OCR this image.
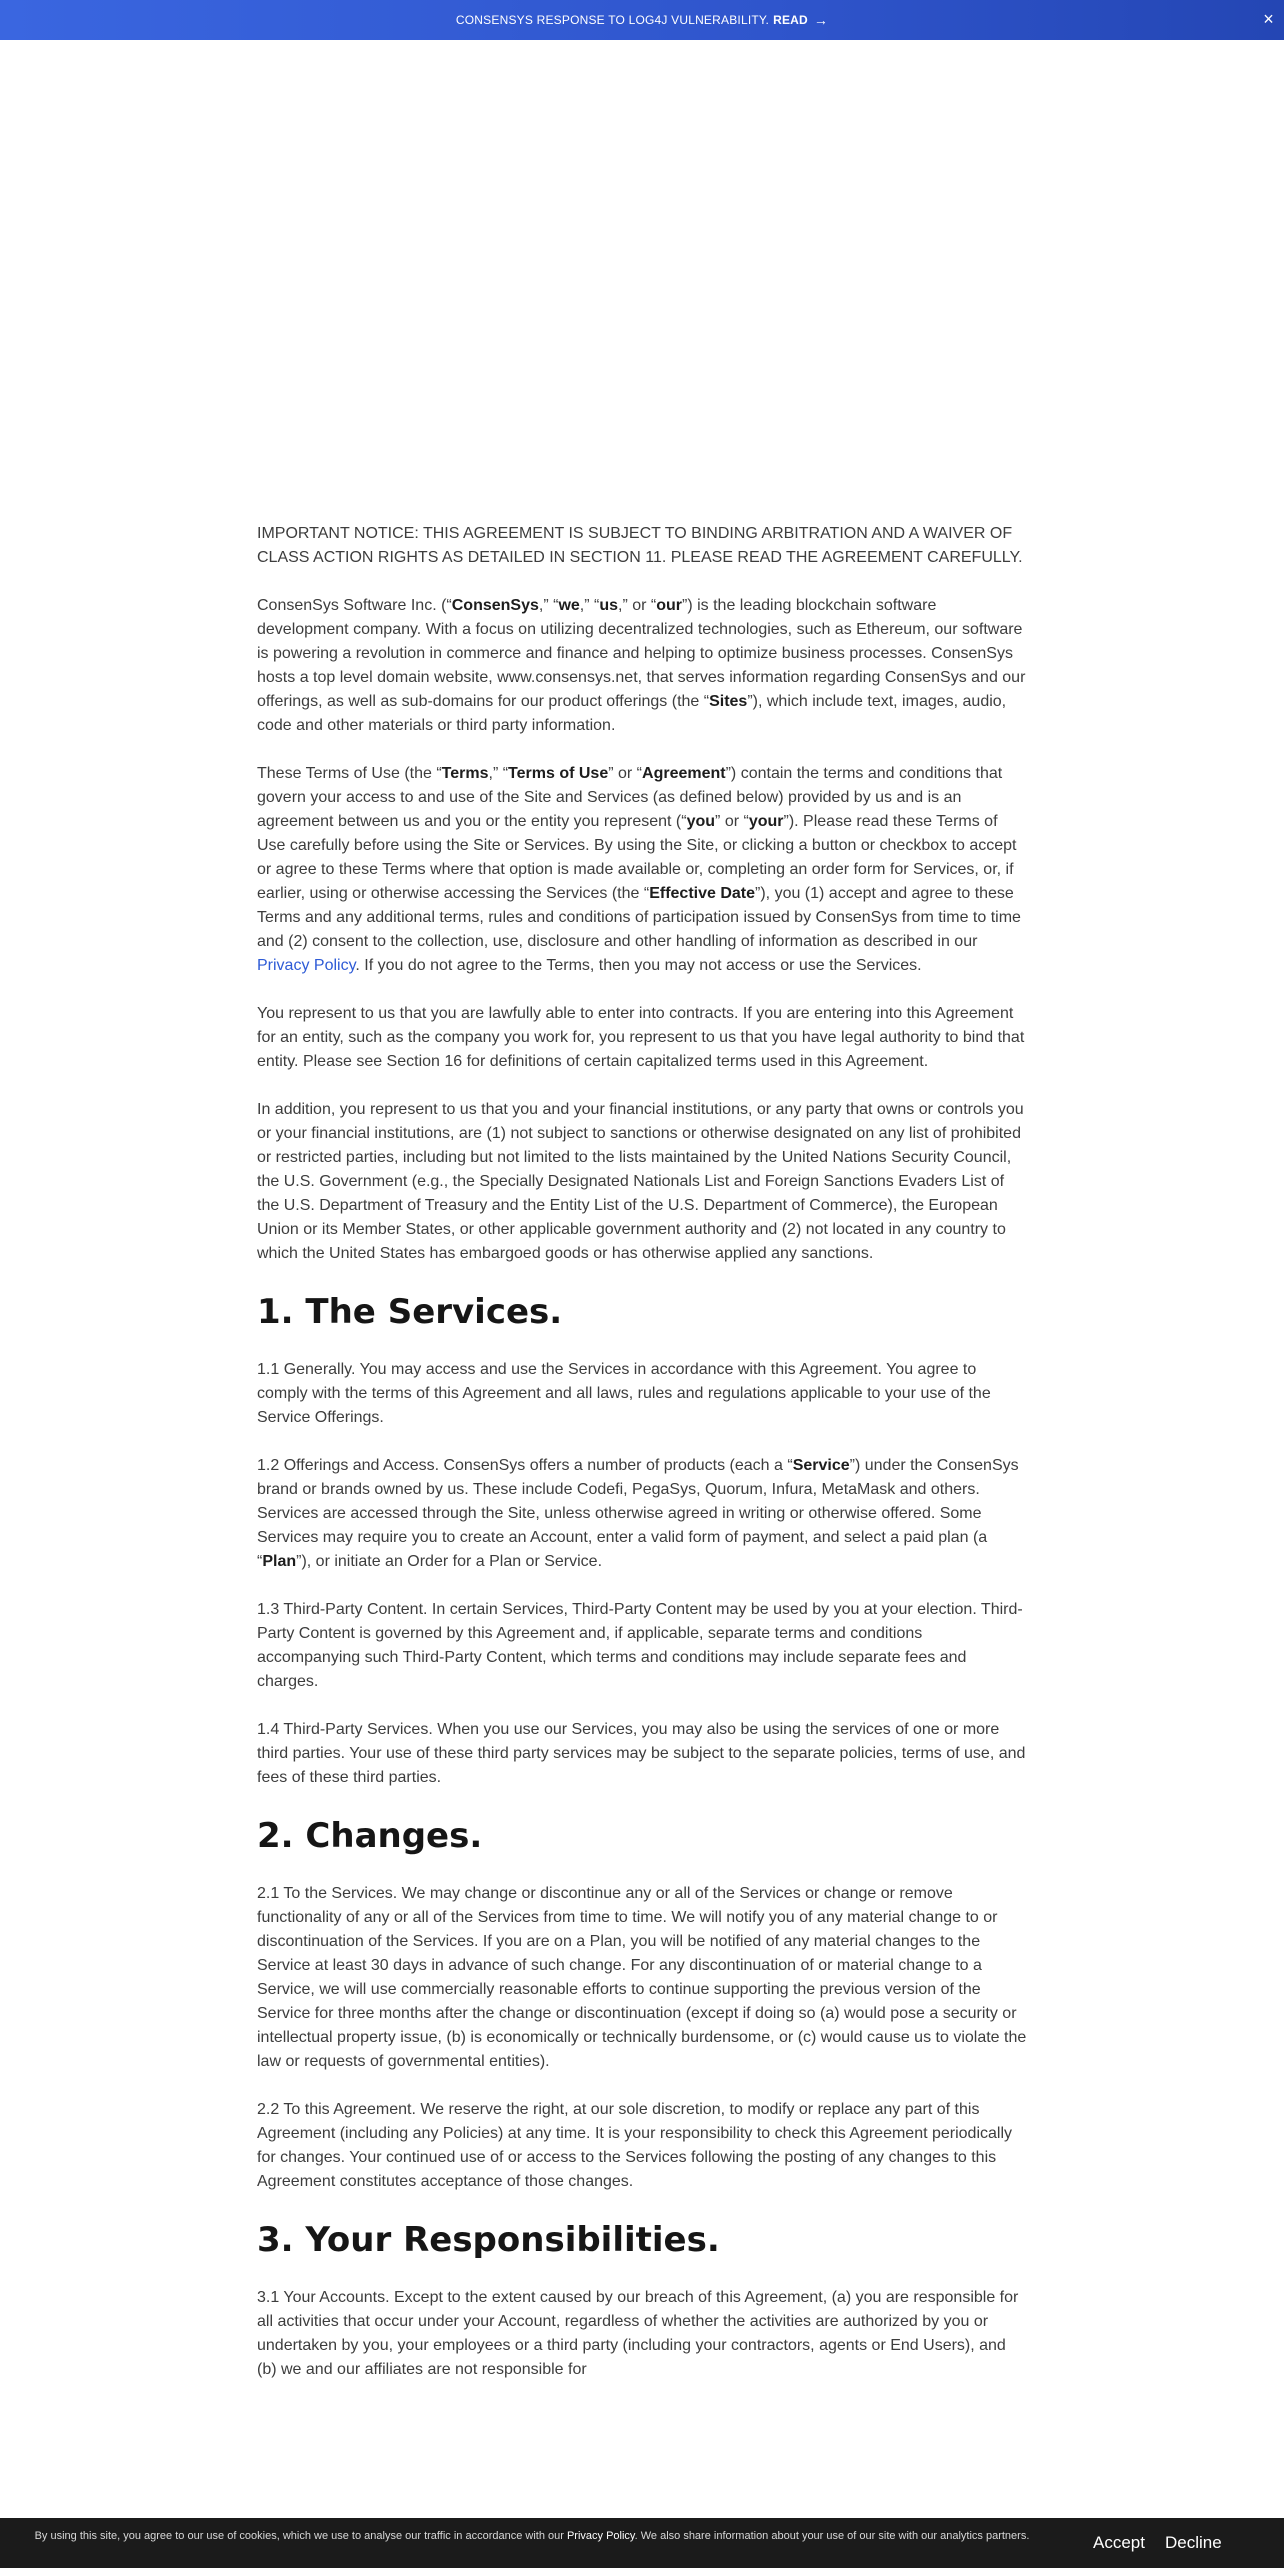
CONSENSYS RESPONSE TO LOG4J VULNERABILITY. READ →	×

IMPORTANT NOTICE: THIS AGREEMENT IS SUBJECT TO BINDING ARBITRATION AND A WAIVER OF CLASS ACTION RIGHTS AS DETAILED IN SECTION 11. PLEASE READ THE AGREEMENT CAREFULLY.

ConsenSys Software Inc. (“ConsenSys,” “we,” “us,” or “our”) is the leading blockchain software development company. With a focus on utilizing decentralized technologies, such as Ethereum, our software is powering a revolution in commerce and finance and helping to optimize business processes. ConsenSys hosts a top level domain website, www.consensys.net, that serves information regarding ConsenSys and our offerings, as well as sub-domains for our product offerings (the “Sites”), which include text, images, audio, code and other materials or third party information.

These Terms of Use (the “Terms,” “Terms of Use” or “Agreement”) contain the terms and conditions that govern your access to and use of the Site and Services (as defined below) provided by us and is an agreement between us and you or the entity you represent (“you” or “your”). Please read these Terms of Use carefully before using the Site or Services. By using the Site, or clicking a button or checkbox to accept or agree to these Terms where that option is made available or, completing an order form for Services, or, if earlier, using or otherwise accessing the Services (the “Effective Date”), you (1) accept and agree to these Terms and any additional terms, rules and conditions of participation issued by ConsenSys from time to time and (2) consent to the collection, use, disclosure and other handling of information as described in our Privacy Policy. If you do not agree to the Terms, then you may not access or use the Services.

You represent to us that you are lawfully able to enter into contracts. If you are entering into this Agreement for an entity, such as the company you work for, you represent to us that you have legal authority to bind that entity. Please see Section 16 for definitions of certain capitalized terms used in this Agreement.

In addition, you represent to us that you and your financial institutions, or any party that owns or controls you or your financial institutions, are (1) not subject to sanctions or otherwise designated on any list of prohibited or restricted parties, including but not limited to the lists maintained by the United Nations Security Council, the U.S. Government (e.g., the Specially Designated Nationals List and Foreign Sanctions Evaders List of the U.S. Department of Treasury and the Entity List of the U.S. Department of Commerce), the European Union or its Member States, or other applicable government authority and (2) not located in any country to which the United States has embargoed goods or has otherwise applied any sanctions.

1. The Services.

1.1 Generally. You may access and use the Services in accordance with this Agreement. You agree to comply with the terms of this Agreement and all laws, rules and regulations applicable to your use of the Service Offerings.

1.2 Offerings and Access. ConsenSys offers a number of products (each a “Service”) under the ConsenSys brand or brands owned by us. These include Codefi, PegaSys, Quorum, Infura, MetaMask and others. Services are accessed through the Site, unless otherwise agreed in writing or otherwise offered. Some Services may require you to create an Account, enter a valid form of payment, and select a paid plan (a “Plan”), or initiate an Order for a Plan or Service.

1.3 Third-Party Content. In certain Services, Third-Party Content may be used by you at your election. Third-Party Content is governed by this Agreement and, if applicable, separate terms and conditions accompanying such Third-Party Content, which terms and conditions may include separate fees and charges.

1.4 Third-Party Services. When you use our Services, you may also be using the services of one or more third parties. Your use of these third party services may be subject to the separate policies, terms of use, and fees of these third parties.

2. Changes.

2.1 To the Services. We may change or discontinue any or all of the Services or change or remove functionality of any or all of the Services from time to time. We will notify you of any material change to or discontinuation of the Services. If you are on a Plan, you will be notified of any material changes to the Service at least 30 days in advance of such change. For any discontinuation of or material change to a Service, we will use commercially reasonable efforts to continue supporting the previous version of the Service for three months after the change or discontinuation (except if doing so (a) would pose a security or intellectual property issue, (b) is economically or technically burdensome, or (c) would cause us to violate the law or requests of governmental entities).

2.2 To this Agreement. We reserve the right, at our sole discretion, to modify or replace any part of this Agreement (including any Policies) at any time. It is your responsibility to check this Agreement periodically for changes. Your continued use of or access to the Services following the posting of any changes to this Agreement constitutes acceptance of those changes.

3. Your Responsibilities.

3.1 Your Accounts. Except to the extent caused by our breach of this Agreement, (a) you are responsible for all activities that occur under your Account, regardless of whether the activities are authorized by you or undertaken by you, your employees or a third party (including your contractors, agents or End Users), and (b) we and our affiliates are not responsible for

By using this site, you agree to our use of cookies, which we use to analyse our traffic in accordance with our Privacy Policy. We also share information about your use of our site with our analytics partners.	Accept Decline
